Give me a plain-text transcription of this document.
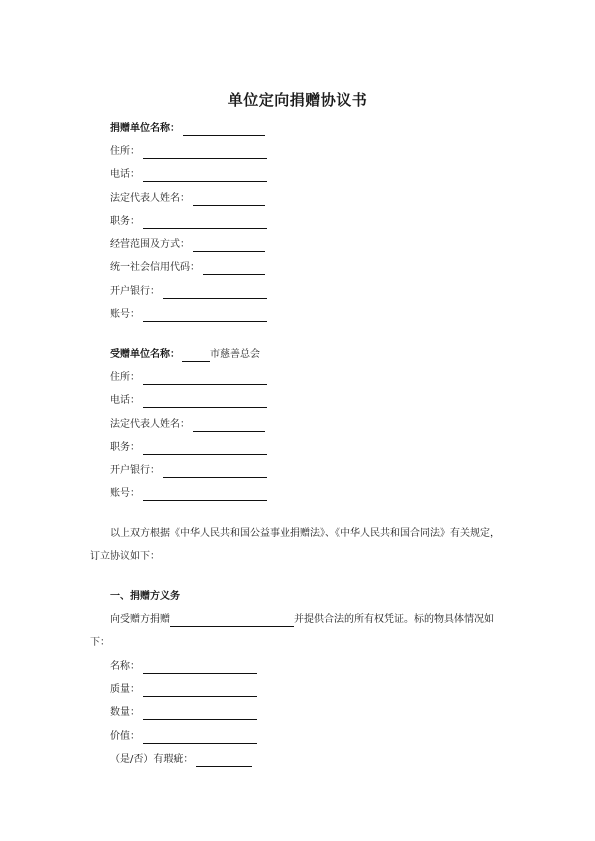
单位定向捐赠协议书
捐赠单位名称：
住所：
电话：
法定代表人姓名：
职务：
经营范围及方式：
统一社会信用代码：
开户银行：
账号：
受赠单位名称：	市慈善总会
住所：
电话：
法定代表人姓名：
职务：
开户银行：
账号：
以上双方根据《中华人民共和国公益事业捐赠法》、《中华人民共和国合同法》有关规定，
订立协议如下：
一、捐赠方义务
向受赠方捐赠	并提供合法的所有权凭证。标的物具体情况如
下：
名称：
质量：
数量：
价值：
（是/否）有瑕疵：
